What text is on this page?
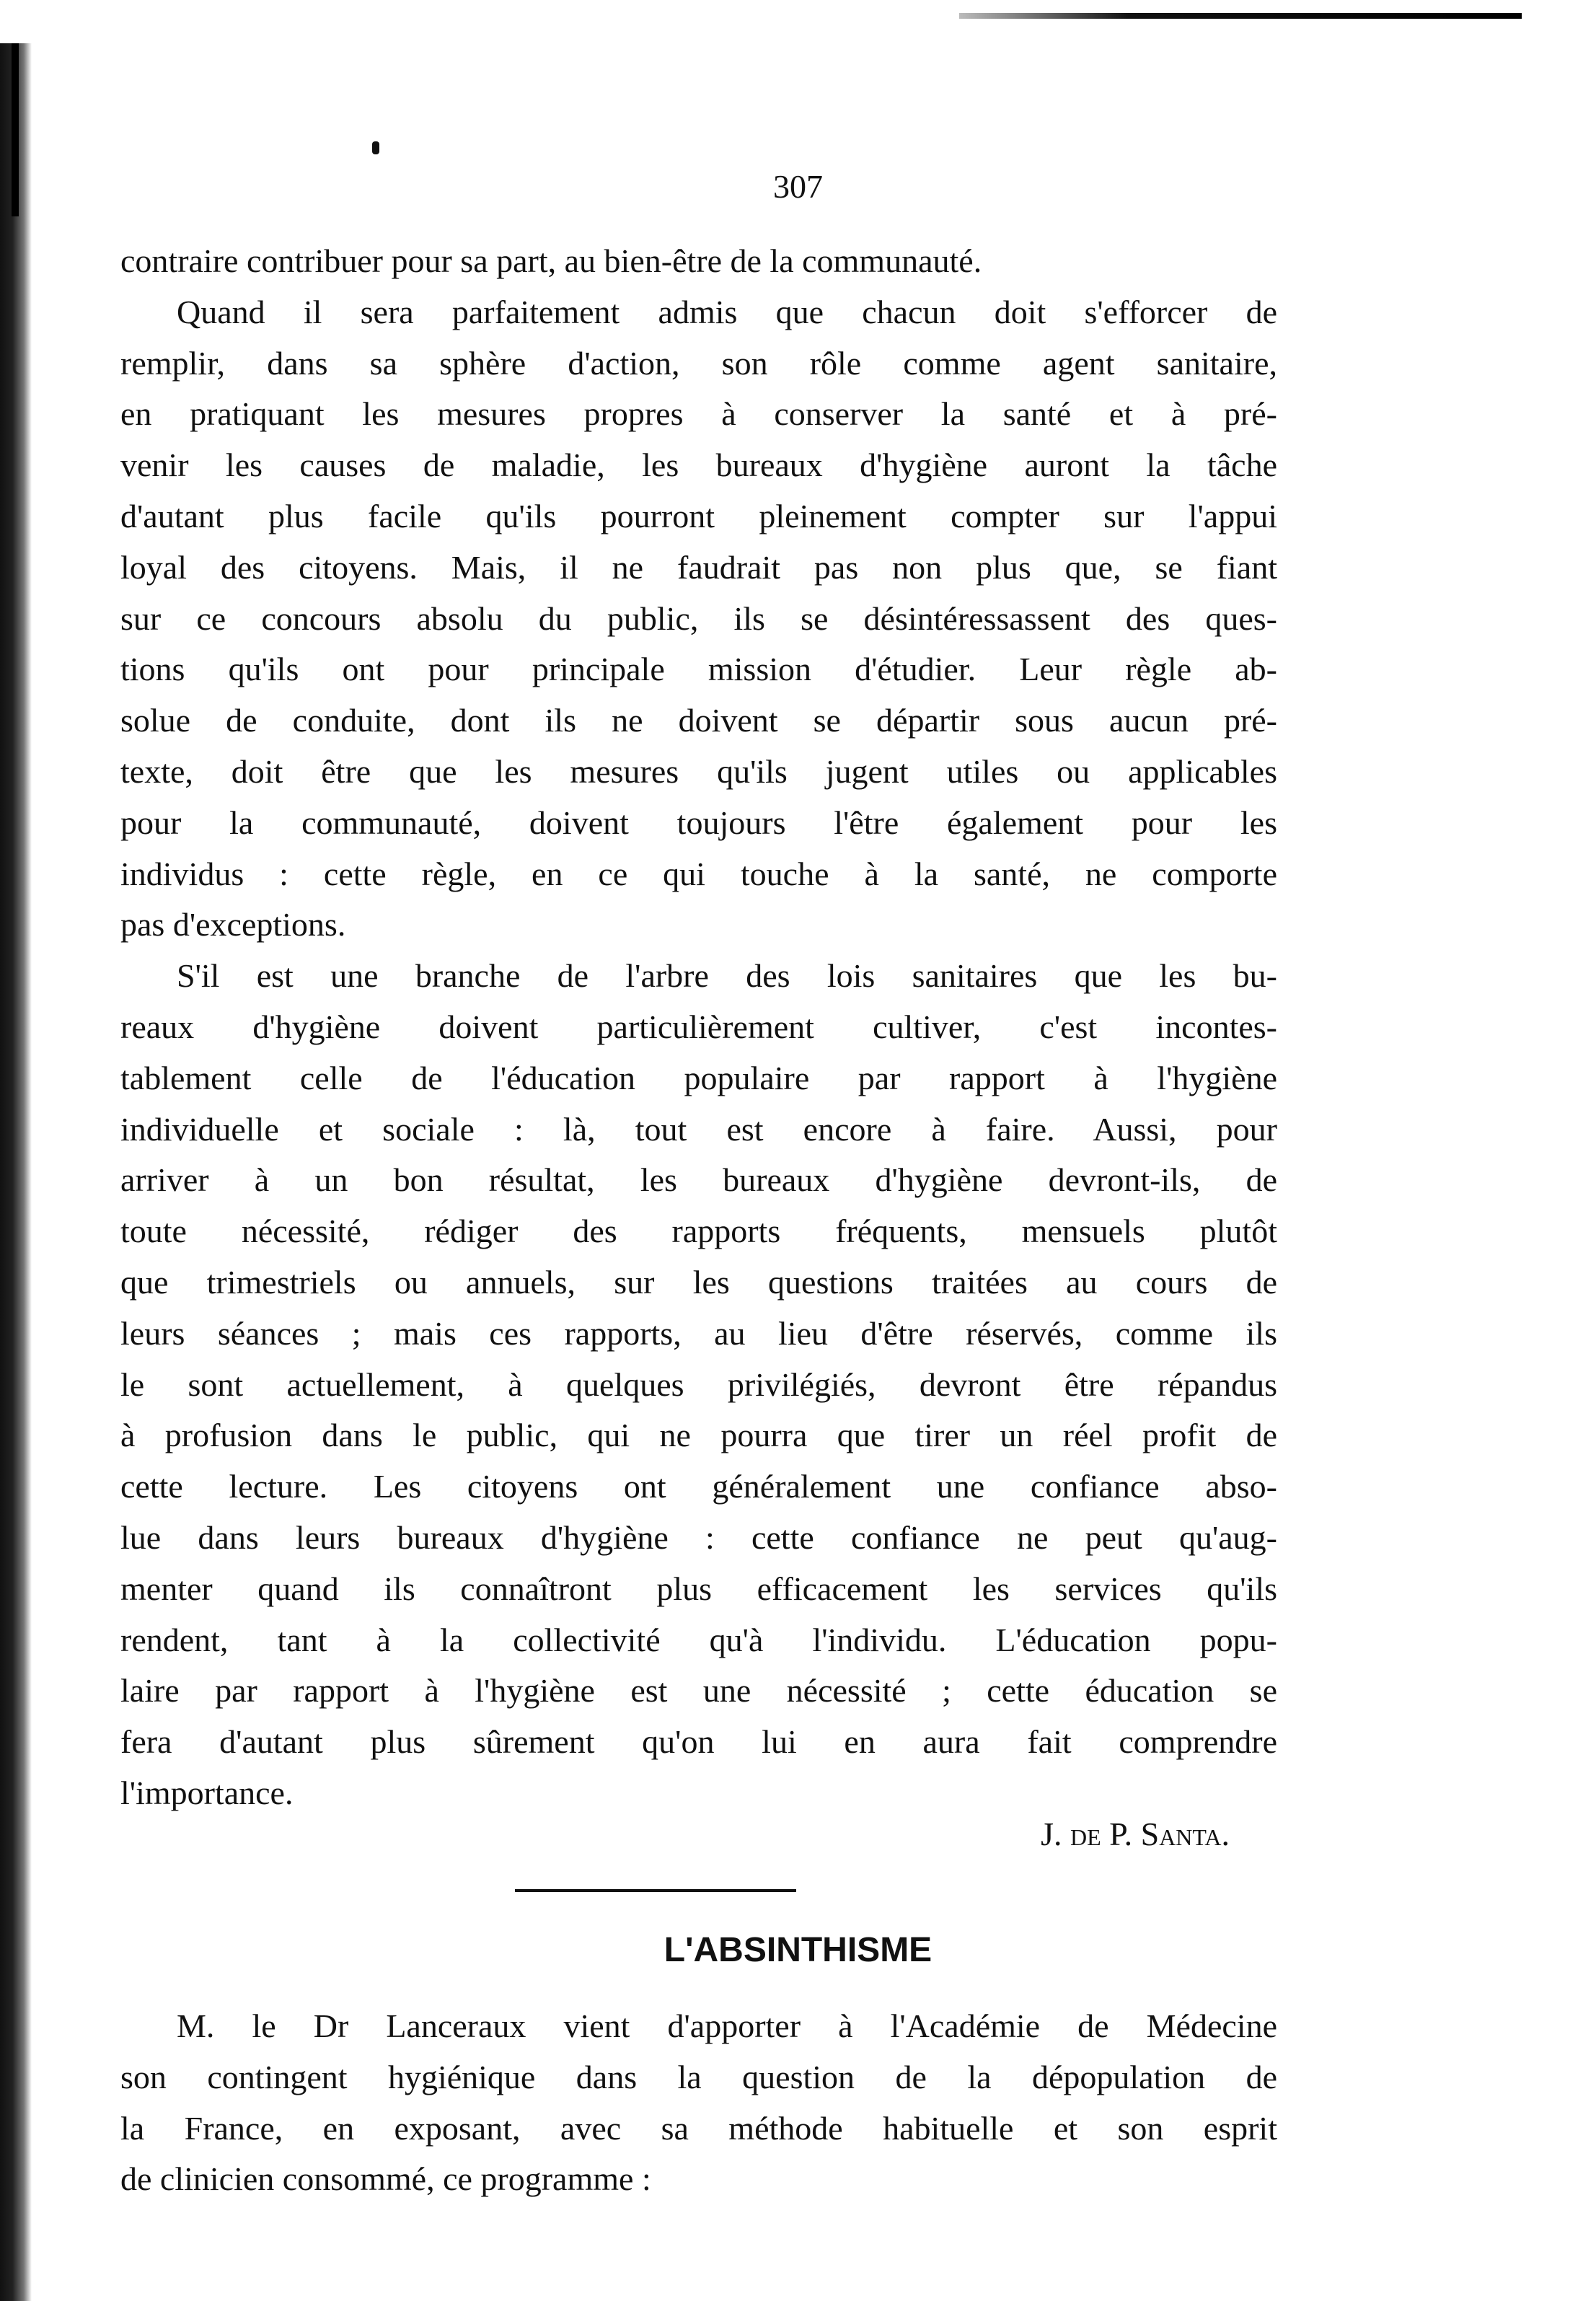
307
contraire contribuer pour sa part, au bien-être de la communauté.
Quand il sera parfaitement admis que chacun doit s'efforcer de
remplir, dans sa sphère d'action, son rôle comme agent sanitaire,
en pratiquant les mesures propres à conserver la santé et à pré-
venir les causes de maladie, les bureaux d'hygiène auront la tâche
d'autant plus facile qu'ils pourront pleinement compter sur l'appui
loyal des citoyens. Mais, il ne faudrait pas non plus que, se fiant
sur ce concours absolu du public, ils se désintéressassent des ques-
tions qu'ils ont pour principale mission d'étudier. Leur règle ab-
solue de conduite, dont ils ne doivent se départir sous aucun pré-
texte, doit être que les mesures qu'ils jugent utiles ou applicables
pour la communauté, doivent toujours l'être également pour les
individus : cette règle, en ce qui touche à la santé, ne comporte
pas d'exceptions.
S'il est une branche de l'arbre des lois sanitaires que les bu-
reaux d'hygiène doivent particulièrement cultiver, c'est incontes-
tablement celle de l'éducation populaire par rapport à l'hygiène
individuelle et sociale : là, tout est encore à faire. Aussi, pour
arriver à un bon résultat, les bureaux d'hygiène devront-ils, de
toute nécessité, rédiger des rapports fréquents, mensuels plutôt
que trimestriels ou annuels, sur les questions traitées au cours de
leurs séances ; mais ces rapports, au lieu d'être réservés, comme ils
le sont actuellement, à quelques privilégiés, devront être répandus
à profusion dans le public, qui ne pourra que tirer un réel profit de
cette lecture. Les citoyens ont généralement une confiance abso-
lue dans leurs bureaux d'hygiène : cette confiance ne peut qu'aug-
menter quand ils connaîtront plus efficacement les services qu'ils
rendent, tant à la collectivité qu'à l'individu. L'éducation popu-
laire par rapport à l'hygiène est une nécessité ; cette éducation se
fera d'autant plus sûrement qu'on lui en aura fait comprendre
l'importance.
J. de P. Santa.
L'ABSINTHISME
M. le Dr Lanceraux vient d'apporter à l'Académie de Médecine
son contingent hygiénique dans la question de la dépopulation de
la France, en exposant, avec sa méthode habituelle et son esprit
de clinicien consommé, ce programme :
